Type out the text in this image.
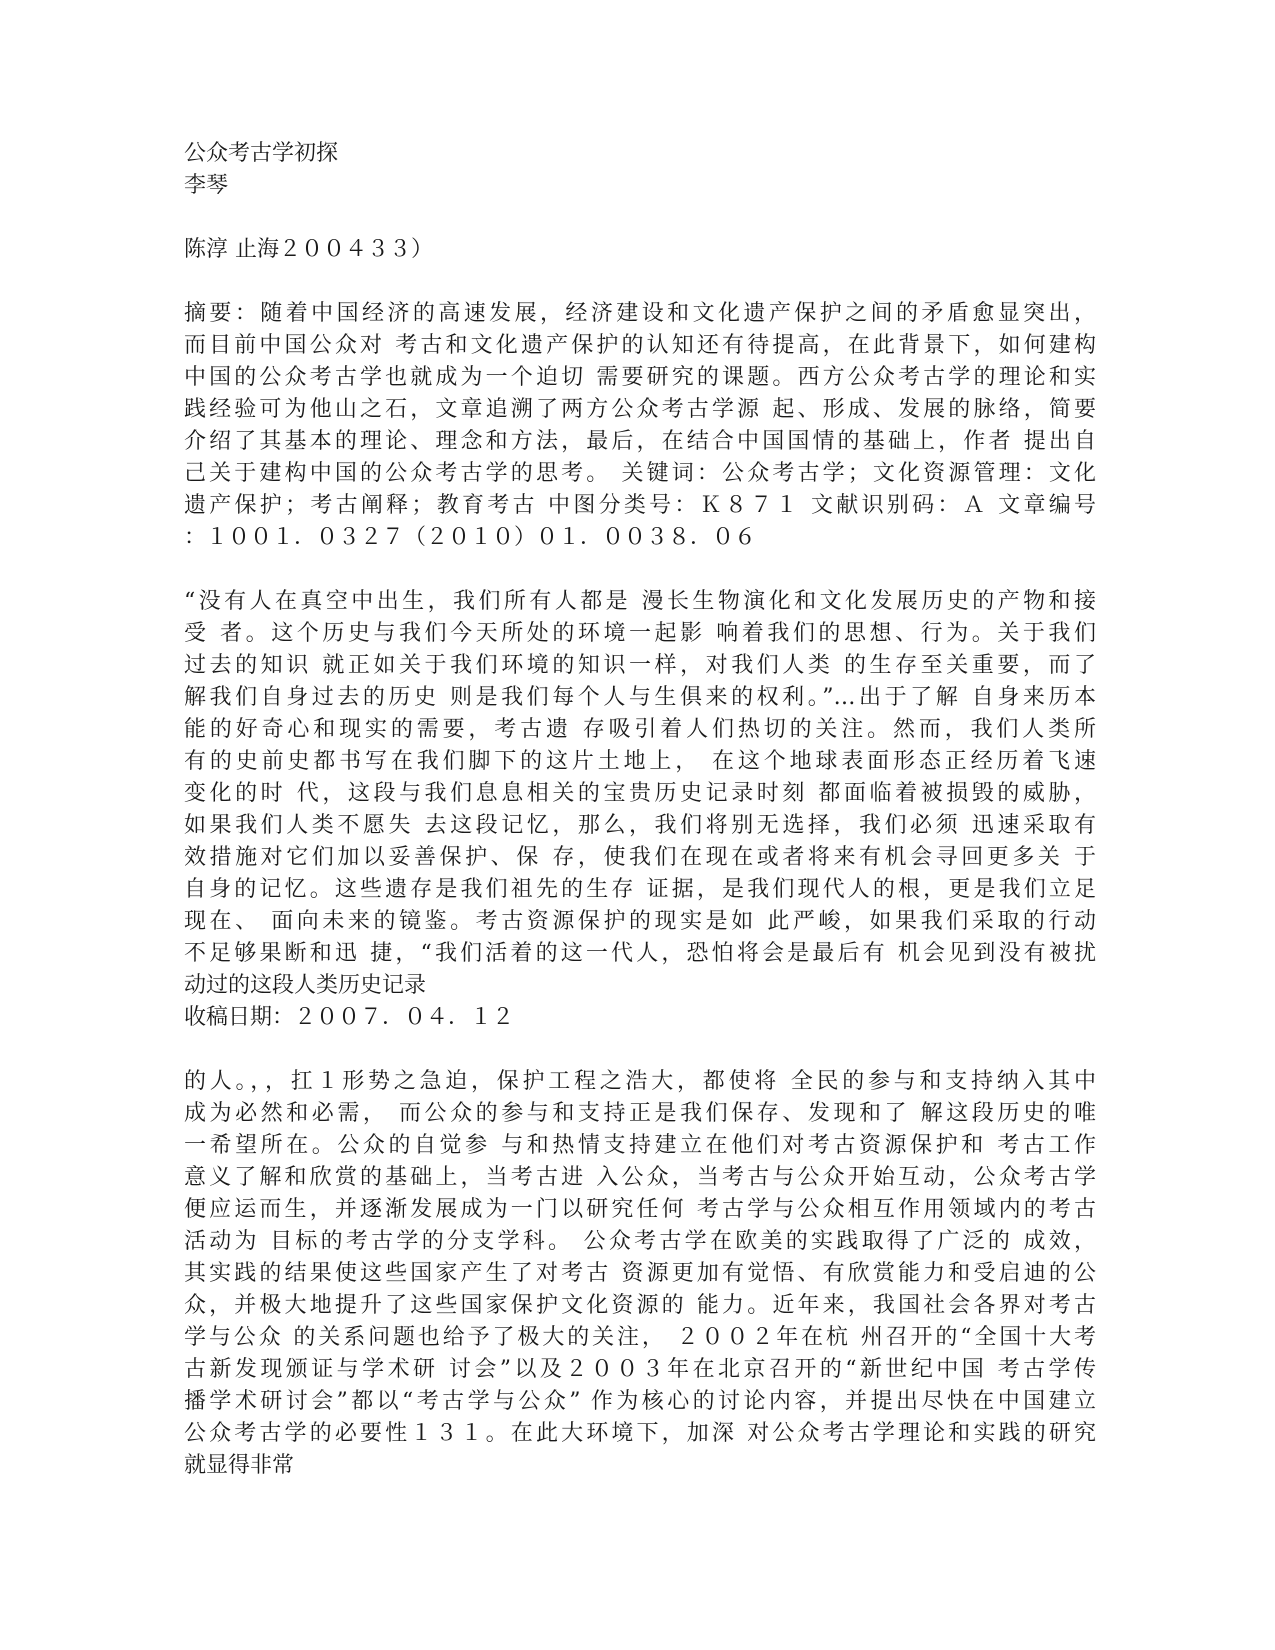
公众考古学初探
李琴
陈淳 止海２００４３３）
摘要：随着中国经济的高速发展，经济建设和文化遗产保护之间的矛盾愈显突出，
而目前中国公众对 考古和文化遗产保护的认知还有待提高，在此背景下，如何建构
中国的公众考古学也就成为一个迫切 需要研究的课题。西方公众考古学的理论和实
践经验可为他山之石，文章追溯了两方公众考古学源 起、形成、发展的脉络，简要
介绍了其基本的理论、理念和方法，最后，在结合中国国情的基础上，作者 提出自
己关于建构中国的公众考古学的思考。 关键词：公众考古学；文化资源管理：文化
遗产保护；考古阐释；教育考古 中图分类号：Ｋ８７１ 文献识别码：Ａ 文章编号
：１００１．０３２７（２０１０）０１．００３８．０６
“没有人在真空中出生，我们所有人都是 漫长生物演化和文化发展历史的产物和接
受 者。这个历史与我们今天所处的环境一起影 响着我们的思想、行为。关于我们
过去的知识 就正如关于我们环境的知识一样，对我们人类 的生存至关重要，而了
解我们自身过去的历史 则是我们每个人与生俱来的权利。”…出于了解 自身来历本
能的好奇心和现实的需要，考古遗 存吸引着人们热切的关注。然而，我们人类所
有的史前史都书写在我们脚下的这片土地上， 在这个地球表面形态正经历着飞速
变化的时 代，这段与我们息息相关的宝贵历史记录时刻 都面临着被损毁的威胁，
如果我们人类不愿失 去这段记忆，那么，我们将别无选择，我们必须 迅速采取有
效措施对它们加以妥善保护、保 存，使我们在现在或者将来有机会寻回更多关 于
自身的记忆。这些遗存是我们祖先的生存 证据，是我们现代人的根，更是我们立足
现在、 面向未来的镜鉴。考古资源保护的现实是如 此严峻，如果我们采取的行动
不足够果断和迅 捷，“我们活着的这一代人，恐怕将会是最后有 机会见到没有被扰
动过的这段人类历史记录
收稿日期：２００７．０４．１２
的人。，，扛１形势之急迫，保护工程之浩大，都使将 全民的参与和支持纳入其中
成为必然和必需， 而公众的参与和支持正是我们保存、发现和了 解这段历史的唯
一希望所在。公众的自觉参 与和热情支持建立在他们对考古资源保护和 考古工作
意义了解和欣赏的基础上，当考古进 入公众，当考古与公众开始互动，公众考古学
便应运而生，并逐渐发展成为一门以研究任何 考古学与公众相互作用领域内的考古
活动为 目标的考古学的分支学科。 公众考古学在欧美的实践取得了广泛的 成效，
其实践的结果使这些国家产生了对考古 资源更加有觉悟、有欣赏能力和受启迪的公
众，并极大地提升了这些国家保护文化资源的 能力。近年来，我国社会各界对考古
学与公众 的关系问题也给予了极大的关注， ２００２年在杭 州召开的“全国十大考
古新发现颁证与学术研 讨会”以及２００３年在北京召开的“新世纪中国 考古学传
播学术研讨会”都以“考古学与公众” 作为核心的讨论内容，并提出尽快在中国建立
公众考古学的必要性１３１。在此大环境下，加深 对公众考古学理论和实践的研究
就显得非常
